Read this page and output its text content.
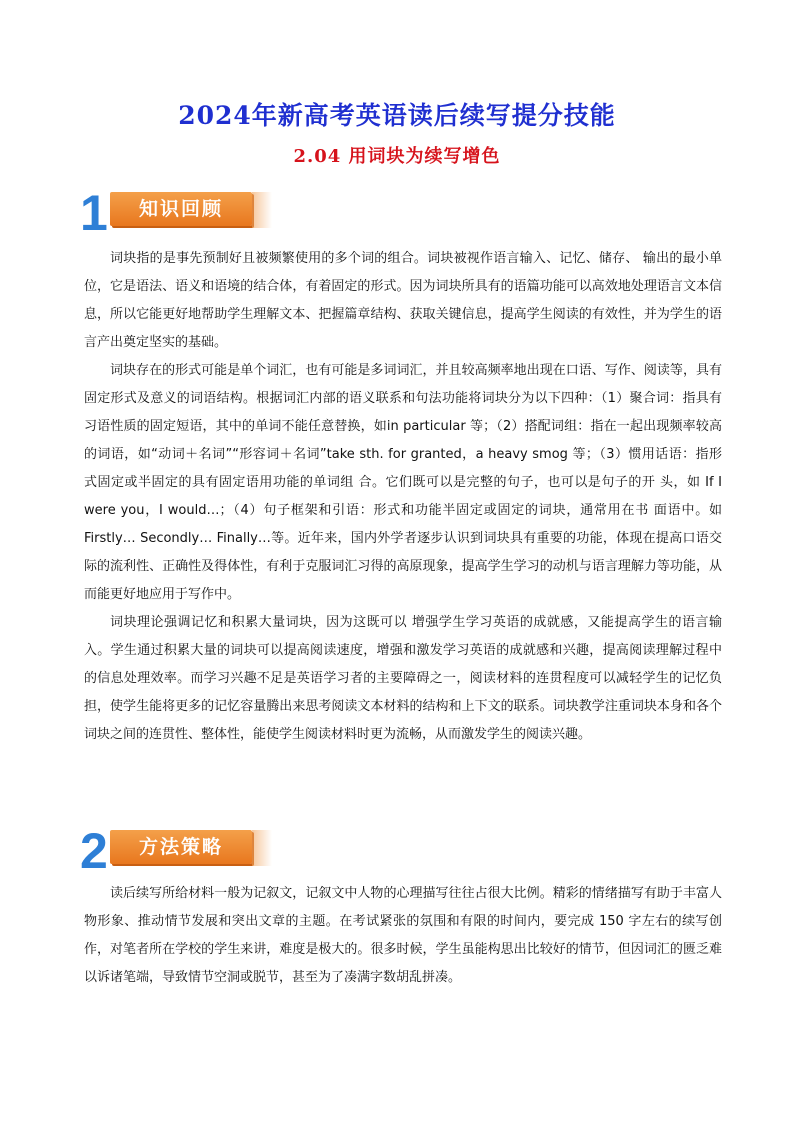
2024年新高考英语读后续写提分技能
2.04 用词块为续写增色
1	知识回顾

词块指的是事先预制好且被频繁使用的多个词的组合。词块被视作语言输入、记忆、储存、 输出的最小单位，它是语法、语义和语境的结合体，有着固定的形式。因为词块所具有的语篇功能可以高效地处理语言文本信息，所以它能更好地帮助学生理解文本、把握篇章结构、获取关键信息，提高学生阅读的有效性，并为学生的语言产出奠定坚实的基础。

词块存在的形式可能是单个词汇，也有可能是多词词汇，并且较高频率地出现在口语、写作、阅读等，具有固定形式及意义的词语结构。根据词汇内部的语义联系和句法功能将词块分为以下四种：（1）聚合词：指具有习语性质的固定短语，其中的单词不能任意替换，如in particular 等；（2）搭配词组：指在一起出现频率较高的词语，如“动词＋名词”“形容词＋名词”take sth. for granted，a heavy smog 等；（3）惯用话语：指形 式固定或半固定的具有固定语用功能的单词组 合。它们既可以是完整的句子，也可以是句子的开 头，如 If I were you，I would…；（4）句子框架和引语：形式和功能半固定或固定的词块，通常用在书 面语中。如 Firstly… Secondly… Finally…等。近年来，国内外学者逐步认识到词块具有重要的功能，体现在提高口语交际的流利性、正确性及得体性，有利于克服词汇习得的高原现象，提高学生学习的动机与语言理解力等功能，从而能更好地应用于写作中。

词块理论强调记忆和积累大量词块，因为这既可以 增强学生学习英语的成就感，又能提高学生的语言输入。学生通过积累大量的词块可以提高阅读速度，增强和激发学习英语的成就感和兴趣，提高阅读理解过程中 的信息处理效率。而学习兴趣不足是英语学习者的主要障碍之一，阅读材料的连贯程度可以减轻学生的记忆负担，使学生能将更多的记忆容量腾出来思考阅读文本材料的结构和上下文的联系。词块教学注重词块本身和各个词块之间的连贯性、整体性，能使学生阅读材料时更为流畅，从而激发学生的阅读兴趣。

2	方法策略

读后续写所给材料一般为记叙文，记叙文中人物的心理描写往往占很大比例。精彩的情绪描写有助于丰富人物形象、推动情节发展和突出文章的主题。在考试紧张的氛围和有限的时间内，要完成 150 字左右的续写创作，对笔者所在学校的学生来讲，难度是极大的。很多时候，学生虽能构思出比较好的情节，但因词汇的匮乏难以诉诸笔端，导致情节空洞或脱节，甚至为了凑满字数胡乱拼凑。
